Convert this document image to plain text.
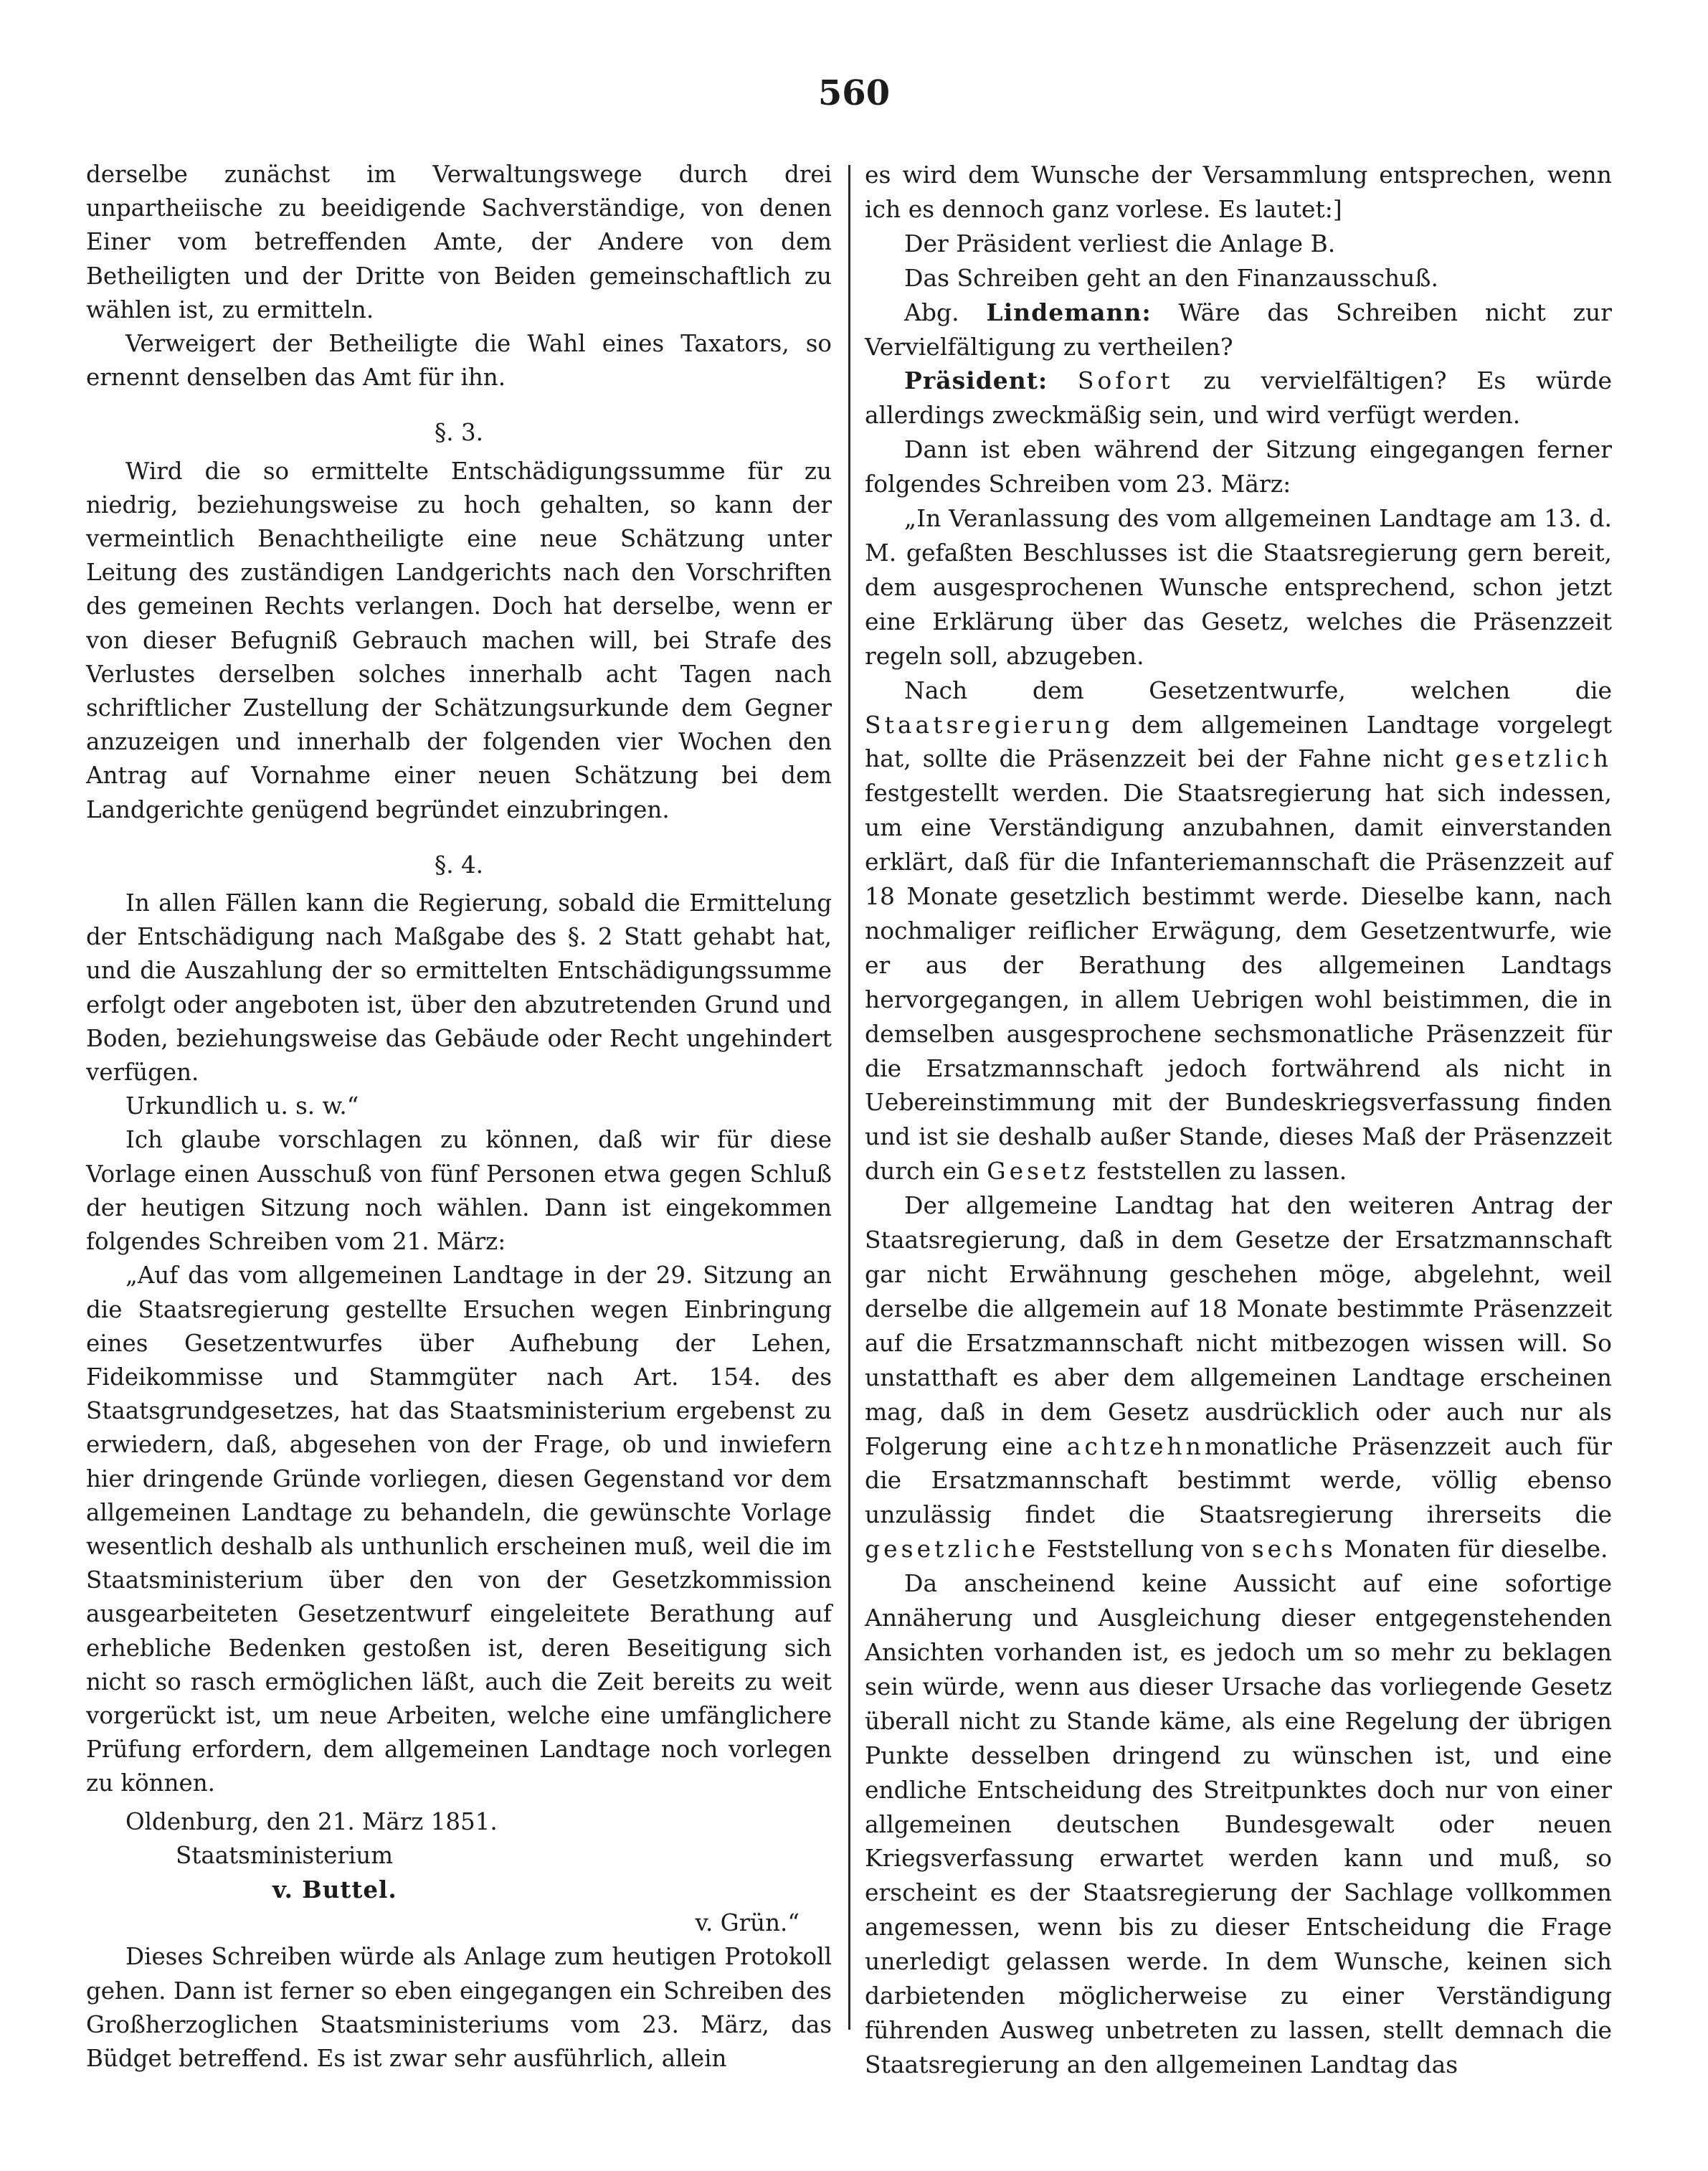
560

derselbe zunächst im Verwaltungswege durch drei unpartheiische zu beeidigende Sachverständige, von denen Einer vom betreffenden Amte, der Andere von dem Betheiligten und der Dritte von Beiden gemeinschaftlich zu wählen ist, zu ermitteln.

Verweigert der Betheiligte die Wahl eines Taxators, so ernennt denselben das Amt für ihn.

§. 3.

Wird die so ermittelte Entschädigungssumme für zu niedrig, beziehungsweise zu hoch gehalten, so kann der vermeintlich Benachtheiligte eine neue Schätzung unter Leitung des zuständigen Landgerichts nach den Vorschriften des gemeinen Rechts verlangen. Doch hat derselbe, wenn er von dieser Befugniß Gebrauch machen will, bei Strafe des Verlustes derselben solches innerhalb acht Tagen nach schriftlicher Zustellung der Schätzungsurkunde dem Gegner anzuzeigen und innerhalb der folgenden vier Wochen den Antrag auf Vornahme einer neuen Schätzung bei dem Landgerichte genügend begründet einzubringen.

§. 4.

In allen Fällen kann die Regierung, sobald die Ermittelung der Entschädigung nach Maßgabe des §. 2 Statt gehabt hat, und die Auszahlung der so ermittelten Entschädigungssumme erfolgt oder angeboten ist, über den abzutretenden Grund und Boden, beziehungsweise das Gebäude oder Recht ungehindert verfügen.

Urkundlich u. s. w.“

Ich glaube vorschlagen zu können, daß wir für diese Vorlage einen Ausschuß von fünf Personen etwa gegen Schluß der heutigen Sitzung noch wählen. Dann ist eingekommen folgendes Schreiben vom 21. März:

„Auf das vom allgemeinen Landtage in der 29. Sitzung an die Staatsregierung gestellte Ersuchen wegen Einbringung eines Gesetzentwurfes über Aufhebung der Lehen, Fideikommisse und Stammgüter nach Art. 154. des Staatsgrundgesetzes, hat das Staatsministerium ergebenst zu erwiedern, daß, abgesehen von der Frage, ob und inwiefern hier dringende Gründe vorliegen, diesen Gegenstand vor dem allgemeinen Landtage zu behandeln, die gewünschte Vorlage wesentlich deshalb als unthunlich erscheinen muß, weil die im Staatsministerium über den von der Gesetzkommission ausgearbeiteten Gesetzentwurf eingeleitete Berathung auf erhebliche Bedenken gestoßen ist, deren Beseitigung sich nicht so rasch ermöglichen läßt, auch die Zeit bereits zu weit vorgerückt ist, um neue Arbeiten, welche eine umfänglichere Prüfung erfordern, dem allgemeinen Landtage noch vorlegen zu können.

Oldenburg, den 21. März 1851.

Staatsministerium

v. Buttel.

v. Grün.“

Dieses Schreiben würde als Anlage zum heutigen Protokoll gehen. Dann ist ferner so eben eingegangen ein Schreiben des Großherzoglichen Staatsministeriums vom 23. März, das Büdget betreffend. Es ist zwar sehr ausführlich, allein

es wird dem Wunsche der Versammlung entsprechen, wenn ich es dennoch ganz vorlese. Es lautet:]

Der Präsident verliest die Anlage B.

Das Schreiben geht an den Finanzausschuß.

Abg. Lindemann: Wäre das Schreiben nicht zur Vervielfältigung zu vertheilen?

Präsident: Sofort zu vervielfältigen? Es würde allerdings zweckmäßig sein, und wird verfügt werden.

Dann ist eben während der Sitzung eingegangen ferner folgendes Schreiben vom 23. März:

„In Veranlassung des vom allgemeinen Landtage am 13. d. M. gefaßten Beschlusses ist die Staatsregierung gern bereit, dem ausgesprochenen Wunsche entsprechend, schon jetzt eine Erklärung über das Gesetz, welches die Präsenzzeit regeln soll, abzugeben.

Nach dem Gesetzentwurfe, welchen die Staatsregierung dem allgemeinen Landtage vorgelegt hat, sollte die Präsenzzeit bei der Fahne nicht gesetzlich festgestellt werden. Die Staatsregierung hat sich indessen, um eine Verständigung anzubahnen, damit einverstanden erklärt, daß für die Infanteriemannschaft die Präsenzzeit auf 18 Monate gesetzlich bestimmt werde. Dieselbe kann, nach nochmaliger reiflicher Erwägung, dem Gesetzentwurfe, wie er aus der Berathung des allgemeinen Landtags hervorgegangen, in allem Uebrigen wohl beistimmen, die in demselben ausgesprochene sechsmonatliche Präsenzzeit für die Ersatzmannschaft jedoch fortwährend als nicht in Uebereinstimmung mit der Bundeskriegsverfassung finden und ist sie deshalb außer Stande, dieses Maß der Präsenzzeit durch ein Gesetz feststellen zu lassen.

Der allgemeine Landtag hat den weiteren Antrag der Staatsregierung, daß in dem Gesetze der Ersatzmannschaft gar nicht Erwähnung geschehen möge, abgelehnt, weil derselbe die allgemein auf 18 Monate bestimmte Präsenzzeit auf die Ersatzmannschaft nicht mitbezogen wissen will. So unstatthaft es aber dem allgemeinen Landtage erscheinen mag, daß in dem Gesetz ausdrücklich oder auch nur als Folgerung eine achtzehnmonatliche Präsenzzeit auch für die Ersatzmannschaft bestimmt werde, völlig ebenso unzulässig findet die Staatsregierung ihrerseits die gesetzliche Feststellung von sechs Monaten für dieselbe.

Da anscheinend keine Aussicht auf eine sofortige Annäherung und Ausgleichung dieser entgegenstehenden Ansichten vorhanden ist, es jedoch um so mehr zu beklagen sein würde, wenn aus dieser Ursache das vorliegende Gesetz überall nicht zu Stande käme, als eine Regelung der übrigen Punkte desselben dringend zu wünschen ist, und eine endliche Entscheidung des Streitpunktes doch nur von einer allgemeinen deutschen Bundesgewalt oder neuen Kriegsverfassung erwartet werden kann und muß, so erscheint es der Staatsregierung der Sachlage vollkommen angemessen, wenn bis zu dieser Entscheidung die Frage unerledigt gelassen werde. In dem Wunsche, keinen sich darbietenden möglicherweise zu einer Verständigung führenden Ausweg unbetreten zu lassen, stellt demnach die Staatsregierung an den allgemeinen Landtag das
